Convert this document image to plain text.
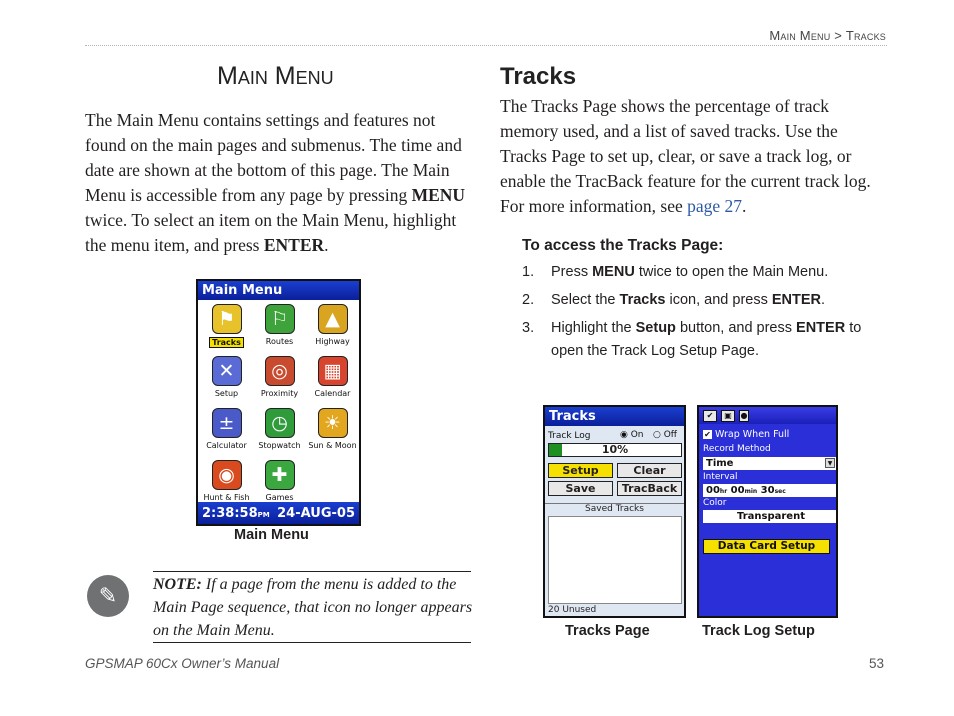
Main Menu > Tracks
Main Menu

The Main Menu contains settings and features not found on the main pages and submenus. The time and date are shown at the bottom of this page. The Main Menu is accessible from any page by pressing MENU twice. To select an item on the Main Menu, highlight the menu item, and press ENTER.

Main Menu
⚑
Tracks
⚐
Routes
▲
Highway
✕
Setup
◎
Proximity
▦
Calendar
±
Calculator
◷
Stopwatch
☀
Sun & Moon
◉
Hunt & Fish
✚
Games
2:38:58PM 24-AUG-05
Main Menu
✎	NOTE: If a page from the menu is added to the Main Page sequence, that icon no longer appears on the Main Menu.

Tracks

The Tracks Page shows the percentage of track memory used, and a list of saved tracks. Use the Tracks Page to set up, clear, or save a track log, or enable the TracBack feature for the current track log. For more information, see page 27.

To access the Tracks Page:
1.	Press MENU twice to open the Main Menu.
2.	Select the Tracks icon, and press ENTER.
3.	Highlight the Setup button, and press ENTER to open the Track Log Setup Page.
Tracks
Track Log	◉ On ○ Off
10%
Setup	Clear
Save	TracBack
Saved Tracks
20 Unused
Tracks Page
✔	▣	●
✔ Wrap When Full
Record Method
Time	▼
Interval
00hr 00min 30sec
Color
Transparent
Data Card Setup
Track Log Setup
GPSMAP 60Cx Owner’s Manual	53
